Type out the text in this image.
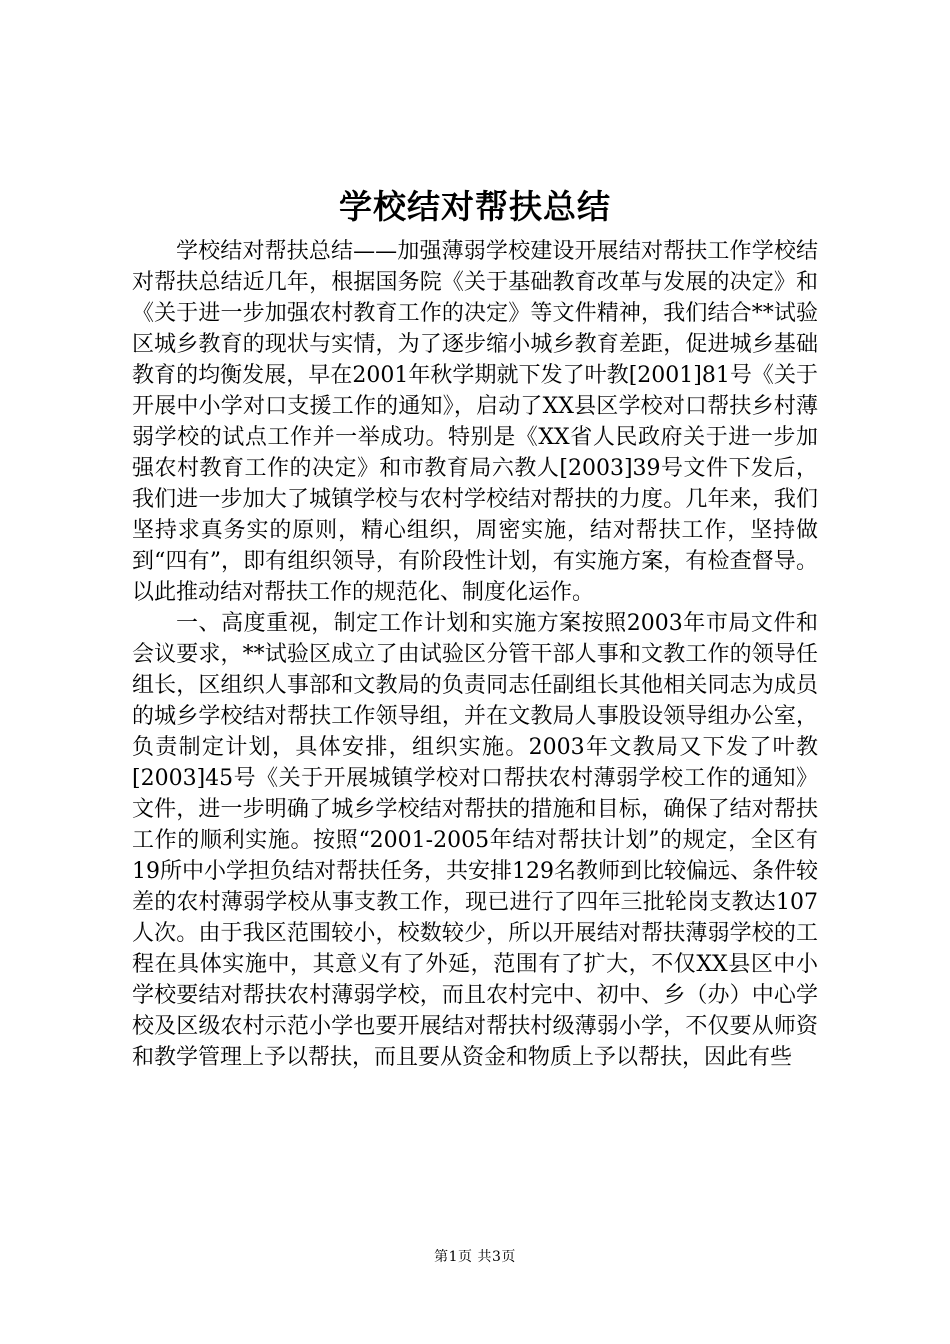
学校结对帮扶总结

学校结对帮扶总结——加强薄弱学校建设开展结对帮扶工作学校结对帮扶总结近几年，根据国务院《关于基础教育改革与发展的决定》和《关于进一步加强农村教育工作的决定》等文件精神，我们结合**试验区城乡教育的现状与实情，为了逐步缩小城乡教育差距，促进城乡基础教育的均衡发展，早在2001年秋学期就下发了叶教[2001]81号《关于开展中小学对口支援工作的通知》，启动了XX县区学校对口帮扶乡村薄弱学校的试点工作并一举成功。特别是《XX省人民政府关于进一步加强农村教育工作的决定》和市教育局六教人[2003]39号文件下发后，我们进一步加大了城镇学校与农村学校结对帮扶的力度。几年来，我们坚持求真务实的原则，精心组织，周密实施，结对帮扶工作，坚持做到“四有”，即有组织领导，有阶段性计划，有实施方案，有检查督导。以此推动结对帮扶工作的规范化、制度化运作。

一、高度重视，制定工作计划和实施方案按照2003年市局文件和会议要求，**试验区成立了由试验区分管干部人事和文教工作的领导任组长，区组织人事部和文教局的负责同志任副组长其他相关同志为成员的城乡学校结对帮扶工作领导组，并在文教局人事股设领导组办公室，负责制定计划，具体安排，组织实施。2003年文教局又下发了叶教[2003]45号《关于开展城镇学校对口帮扶农村薄弱学校工作的通知》文件，进一步明确了城乡学校结对帮扶的措施和目标，确保了结对帮扶工作的顺利实施。按照“2001-2005年结对帮扶计划”的规定，全区有19所中小学担负结对帮扶任务，共安排129名教师到比较偏远、条件较差的农村薄弱学校从事支教工作，现已进行了四年三批轮岗支教达107人次。由于我区范围较小，校数较少，所以开展结对帮扶薄弱学校的工程在具体实施中，其意义有了外延，范围有了扩大，不仅XX县区中小学校要结对帮扶农村薄弱学校，而且农村完中、初中、乡（办）中心学校及区级农村示范小学也要开展结对帮扶村级薄弱小学，不仅要从师资和教学管理上予以帮扶，而且要从资金和物质上予以帮扶，因此有些

第1页 共3页
